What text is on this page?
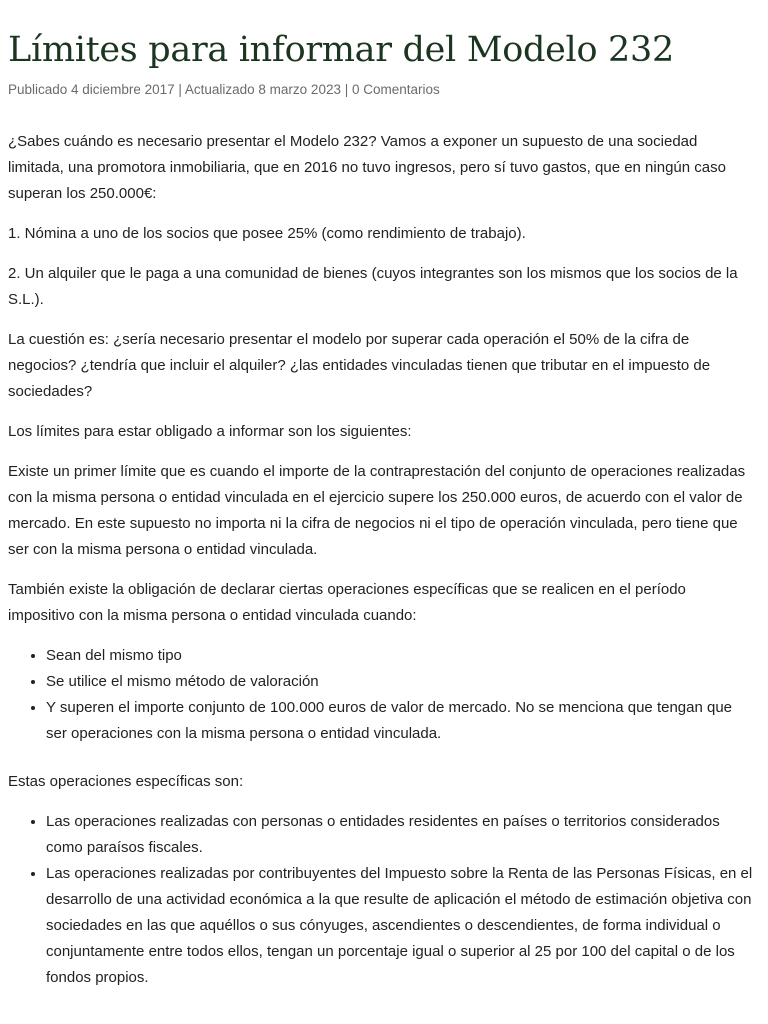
Límites para informar del Modelo 232
Publicado 4 diciembre 2017 | Actualizado 8 marzo 2023 | 0 Comentarios

¿Sabes cuándo es necesario presentar el Modelo 232? Vamos a exponer un supuesto de una sociedad limitada, una promotora inmobiliaria, que en 2016 no tuvo ingresos, pero sí tuvo gastos, que en ningún caso superan los 250.000€:

1. Nómina a uno de los socios que posee 25% (como rendimiento de trabajo).

2. Un alquiler que le paga a una comunidad de bienes (cuyos integrantes son los mismos que los socios de la S.L.).

La cuestión es: ¿sería necesario presentar el modelo por superar cada operación el 50% de la cifra de negocios? ¿tendría que incluir el alquiler? ¿las entidades vinculadas tienen que tributar en el impuesto de sociedades?

Los límites para estar obligado a informar son los siguientes:

Existe un primer límite que es cuando el importe de la contraprestación del conjunto de operaciones realizadas con la misma persona o entidad vinculada en el ejercicio supere los 250.000 euros, de acuerdo con el valor de mercado. En este supuesto no importa ni la cifra de negocios ni el tipo de operación vinculada, pero tiene que ser con la misma persona o entidad vinculada.

También existe la obligación de declarar ciertas operaciones específicas que se realicen en el período impositivo con la misma persona o entidad vinculada cuando:

• Sean del mismo tipo
• Se utilice el mismo método de valoración
• Y superen el importe conjunto de 100.000 euros de valor de mercado. No se menciona que tengan que ser operaciones con la misma persona o entidad vinculada.

Estas operaciones específicas son:

• Las operaciones realizadas con personas o entidades residentes en países o territorios considerados como paraísos fiscales.
• Las operaciones realizadas por contribuyentes del Impuesto sobre la Renta de las Personas Físicas, en el desarrollo de una actividad económica a la que resulte de aplicación el método de estimación objetiva con sociedades en las que aquéllos o sus cónyuges, ascendientes o descendientes, de forma individual o conjuntamente entre todos ellos, tengan un porcentaje igual o superior al 25 por 100 del capital o de los fondos propios.
